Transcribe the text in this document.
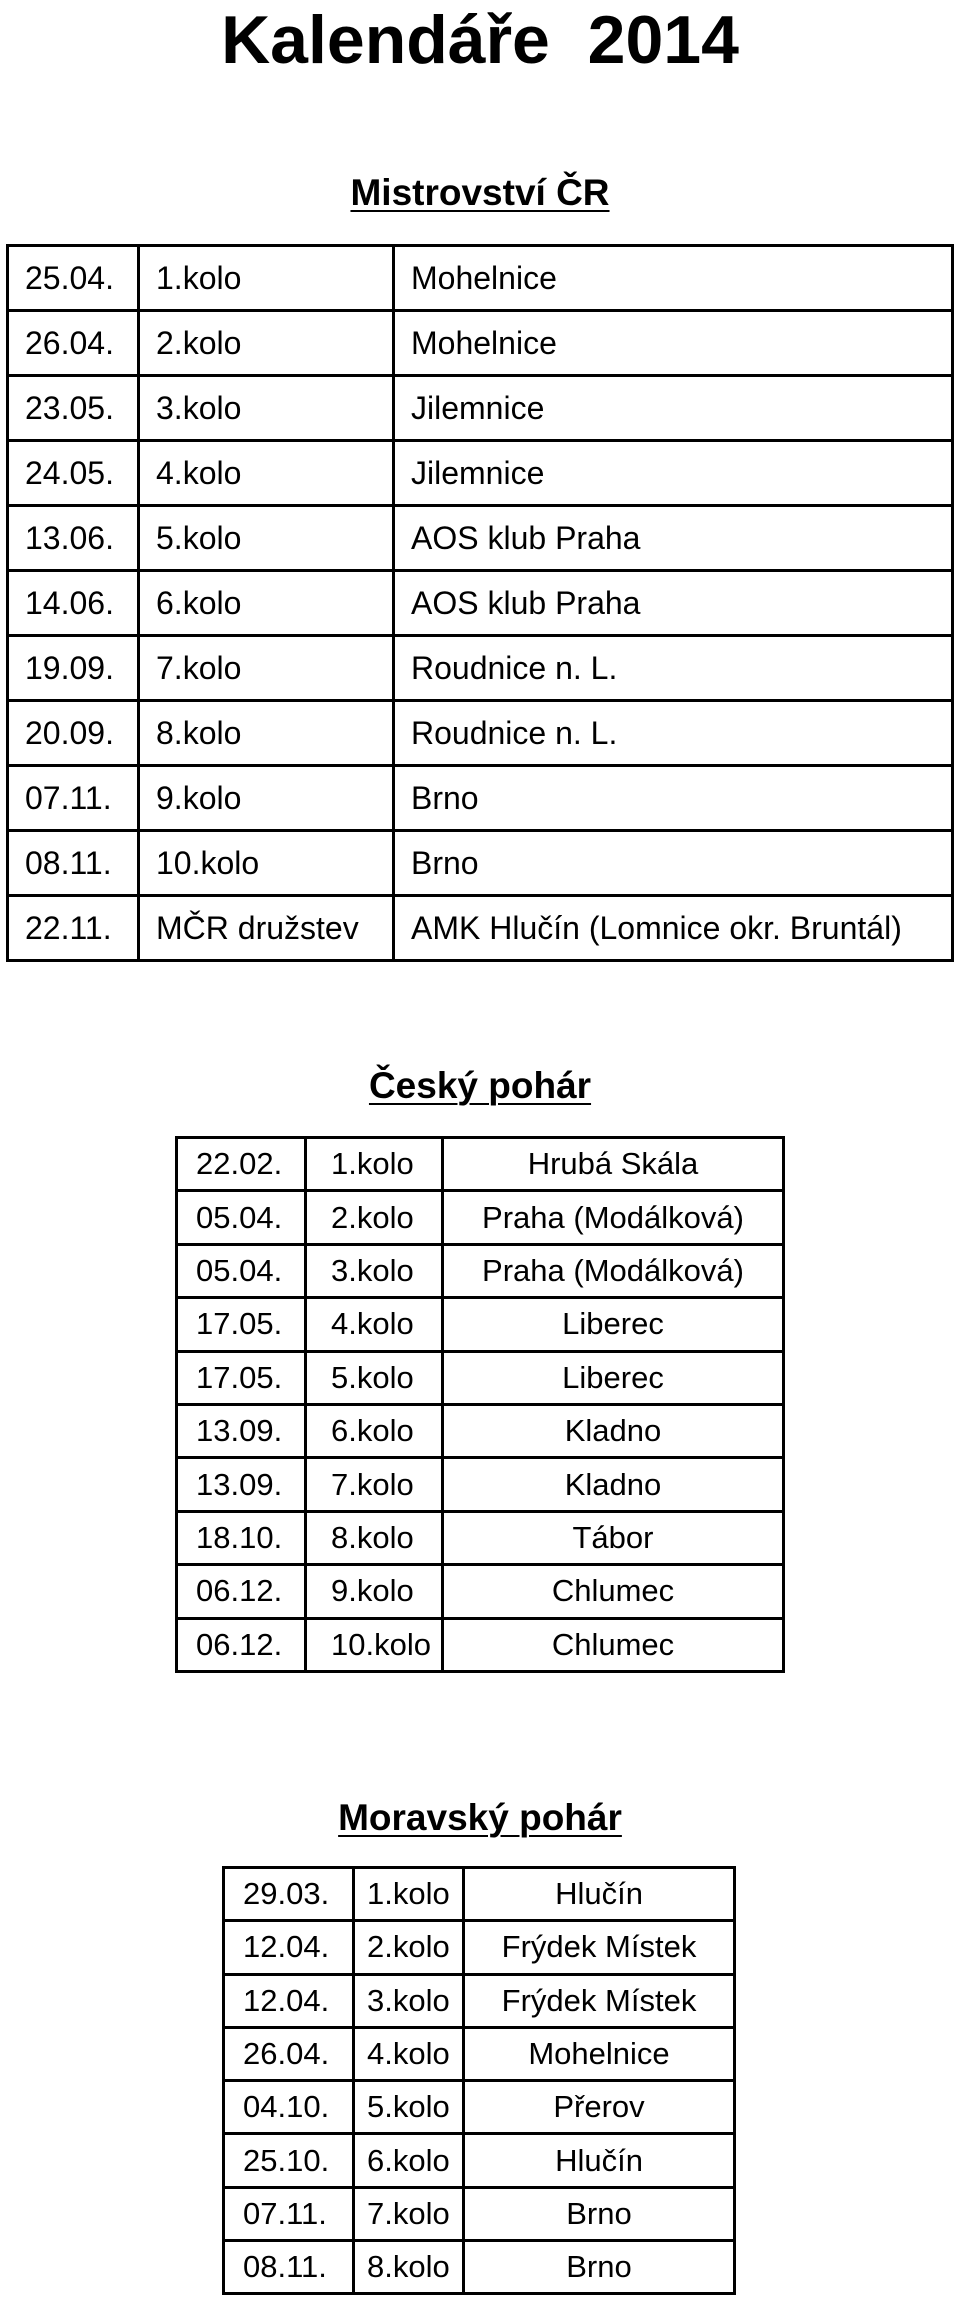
Kalendáře  2014
Mistrovství ČR
25.04.	1.kolo	Mohelnice
26.04.	2.kolo	Mohelnice
23.05.	3.kolo	Jilemnice
24.05.	4.kolo	Jilemnice
13.06.	5.kolo	AOS klub Praha
14.06.	6.kolo	AOS klub Praha
19.09.	7.kolo	Roudnice n. L.
20.09.	8.kolo	Roudnice n. L.
07.11.	9.kolo	Brno
08.11.	10.kolo	Brno
22.11.	MČR družstev	AMK Hlučín (Lomnice okr. Bruntál)
Český pohár
22.02.	1.kolo	Hrubá Skála
05.04.	2.kolo	Praha (Modálková)
05.04.	3.kolo	Praha (Modálková)
17.05.	4.kolo	Liberec
17.05.	5.kolo	Liberec
13.09.	6.kolo	Kladno
13.09.	7.kolo	Kladno
18.10.	8.kolo	Tábor
06.12.	9.kolo	Chlumec
06.12.	10.kolo	Chlumec
Moravský pohár
29.03.	1.kolo	Hlučín
12.04.	2.kolo	Frýdek Místek
12.04.	3.kolo	Frýdek Místek
26.04.	4.kolo	Mohelnice
04.10.	5.kolo	Přerov
25.10.	6.kolo	Hlučín
07.11.	7.kolo	Brno
08.11.	8.kolo	Brno
